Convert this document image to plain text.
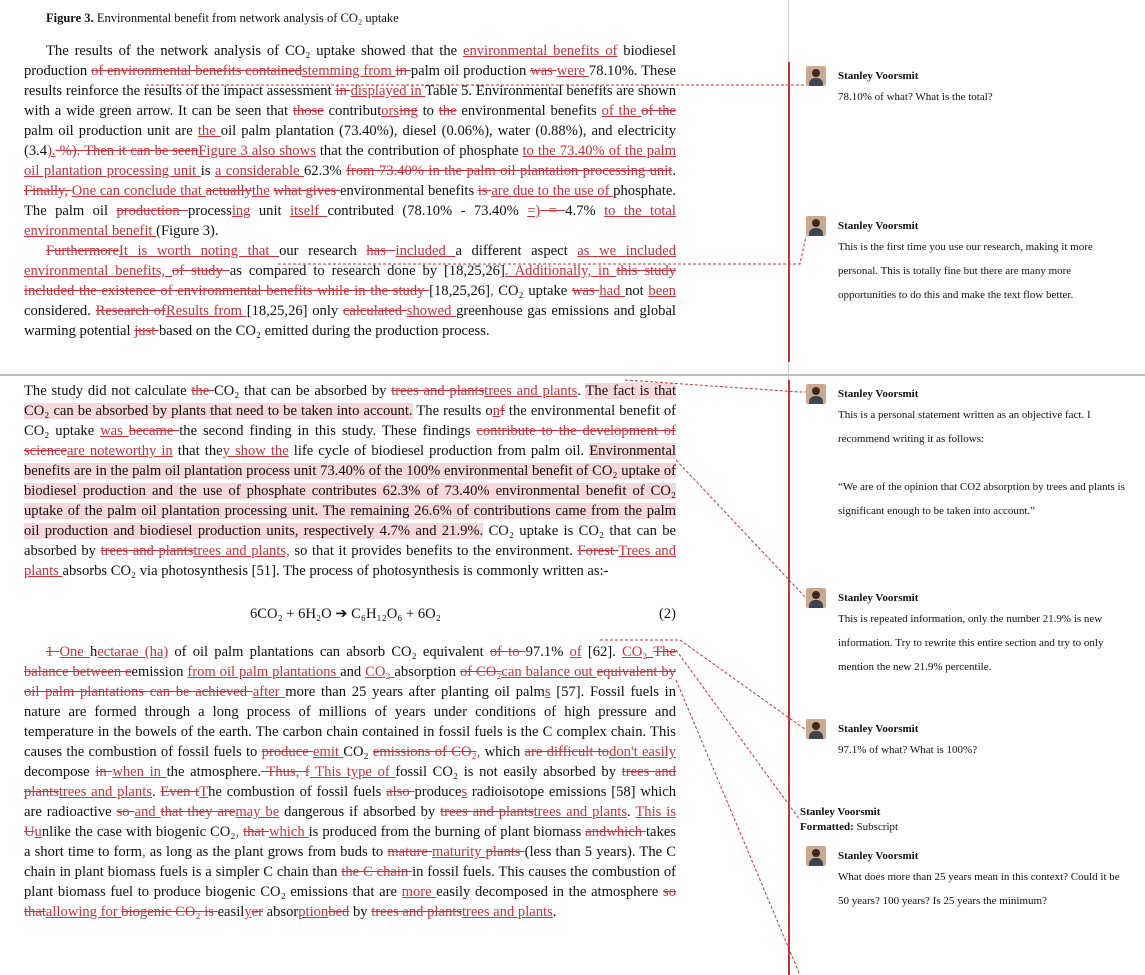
Figure 3. Environmental benefit from network analysis of CO₂ uptake

The results of the network analysis of CO₂ uptake showed that the environmental benefits of biodiesel production of environmental benefits containedstemming from in palm oil production was were 78.10%. These results reinforce the results of the impact assessment in displayed in Table 5. Environmental benefits are shown with a wide green arrow. It can be seen that those contributorsing to the environmental benefits of the of the palm oil production unit are the oil palm plantation (73.40%), diesel (0.06%), water (0.88%), and electricity (3.4). %). Then it can be seenFigure 3 also shows that the contribution of phosphate to the 73.40% of the palm oil plantation processing unit is a considerable 62.3% from 73.40% in the palm oil plantation processing unit. Finally, One can conclude that actuallythe what gives environmental benefits is are due to the use of phosphate. The palm oil production processing unit itself contributed (78.10% - 73.40% =) = 4.7% to the total environmental benefit (Figure 3).

FurthermoreIt is worth noting that our research has included a different aspect as we included environmental benefits, of study as compared to research done by [18,25,26]. Additionally, in this study included the existence of environmental benefits while in the study [18,25,26], CO₂ uptake was had not been considered. Research ofResults from [18,25,26] only calculated showed greenhouse gas emissions and global warming potential just based on the CO₂ emitted during the production process.

The study did not calculate the CO₂ that can be absorbed by trees and plantstrees and plants. The fact is that CO₂ can be absorbed by plants that need to be taken into account. The results onf the environmental benefit of CO₂ uptake was became the second finding in this study. These findings contribute to the development of scienceare noteworthy in that they show the life cycle of biodiesel production from palm oil. Environmental benefits are in the palm oil plantation process unit 73.40% of the 100% environmental benefit of CO₂ uptake of biodiesel production and the use of phosphate contributes 62.3% of 73.40% environmental benefit of CO₂ uptake of the palm oil plantation processing unit. The remaining 26.6% of contributions came from the palm oil production and biodiesel production units, respectively 4.7% and 21.9%. CO₂ uptake is CO₂ that can be absorbed by trees and plantstrees and plants, so that it provides benefits to the environment. Forest Trees and plants absorbs CO₂ via photosynthesis [51]. The process of photosynthesis is commonly written as:-

6CO₂ + 6H₂O ➔ C₆H₁₂O₆ + 6O₂	(2)

1 One hectarae (ha) of oil palm plantations can absorb CO₂ equivalent of to 97.1% of [62]. CO₂ The balance between eemission from oil palm plantations and CO₂ absorption of CO₂can balance out equivalent by oil palm plantations can be achieved after more than 25 years after planting oil palms [57]. Fossil fuels in nature are formed through a long process of millions of years under conditions of high pressure and temperature in the bowels of the earth. The carbon chain contained in fossil fuels is the C complex chain. This causes the combustion of fossil fuels to produce emit CO₂ emissions of CO₂, which are difficult todon't easily decompose in when in the atmosphere. Thus, f This type of fossil CO₂ is not easily absorbed by trees and plantstrees and plants. Even tThe combustion of fossil fuels also produces radioisotope emissions [58] which are radioactive so and that they aremay be dangerous if absorbed by trees and plantstrees and plants. This is Uunlike the case with biogenic CO₂, that which is produced from the burning of plant biomass andwhich takes a short time to form, as long as the plant grows from buds to mature maturity plants (less than 5 years). The C chain in plant biomass fuels is a simpler C chain than the C chain in fossil fuels. This causes the combustion of plant biomass fuel to produce biogenic CO₂ emissions that are more easily decomposed in the atmosphere so thatallowing for biogenic CO₂ is easilyer absorptionbed by trees and plantstrees and plants.

Stanley Voorsmit
78.10% of what? What is the total?
Stanley Voorsmit
This is the first time you use our research, making it more personal. This is totally fine but there are many more opportunities to do this and make the text flow better.
Stanley Voorsmit
This is a personal statement written as an objective fact. I recommend writing it as follows:
“We are of the opinion that CO2 absorption by trees and plants is significant enough to be taken into account.”
Stanley Voorsmit
This is repeated information, only the number 21.9% is new information. Try to rewrite this entire section and try to only mention the new 21.9% percentile.
Stanley Voorsmit
97.1% of what? What is 100%?
Stanley Voorsmit
Formatted: Subscript
Stanley Voorsmit
What does more than 25 years mean in this context? Could it be 50 years? 100 years? Is 25 years the minimum?
